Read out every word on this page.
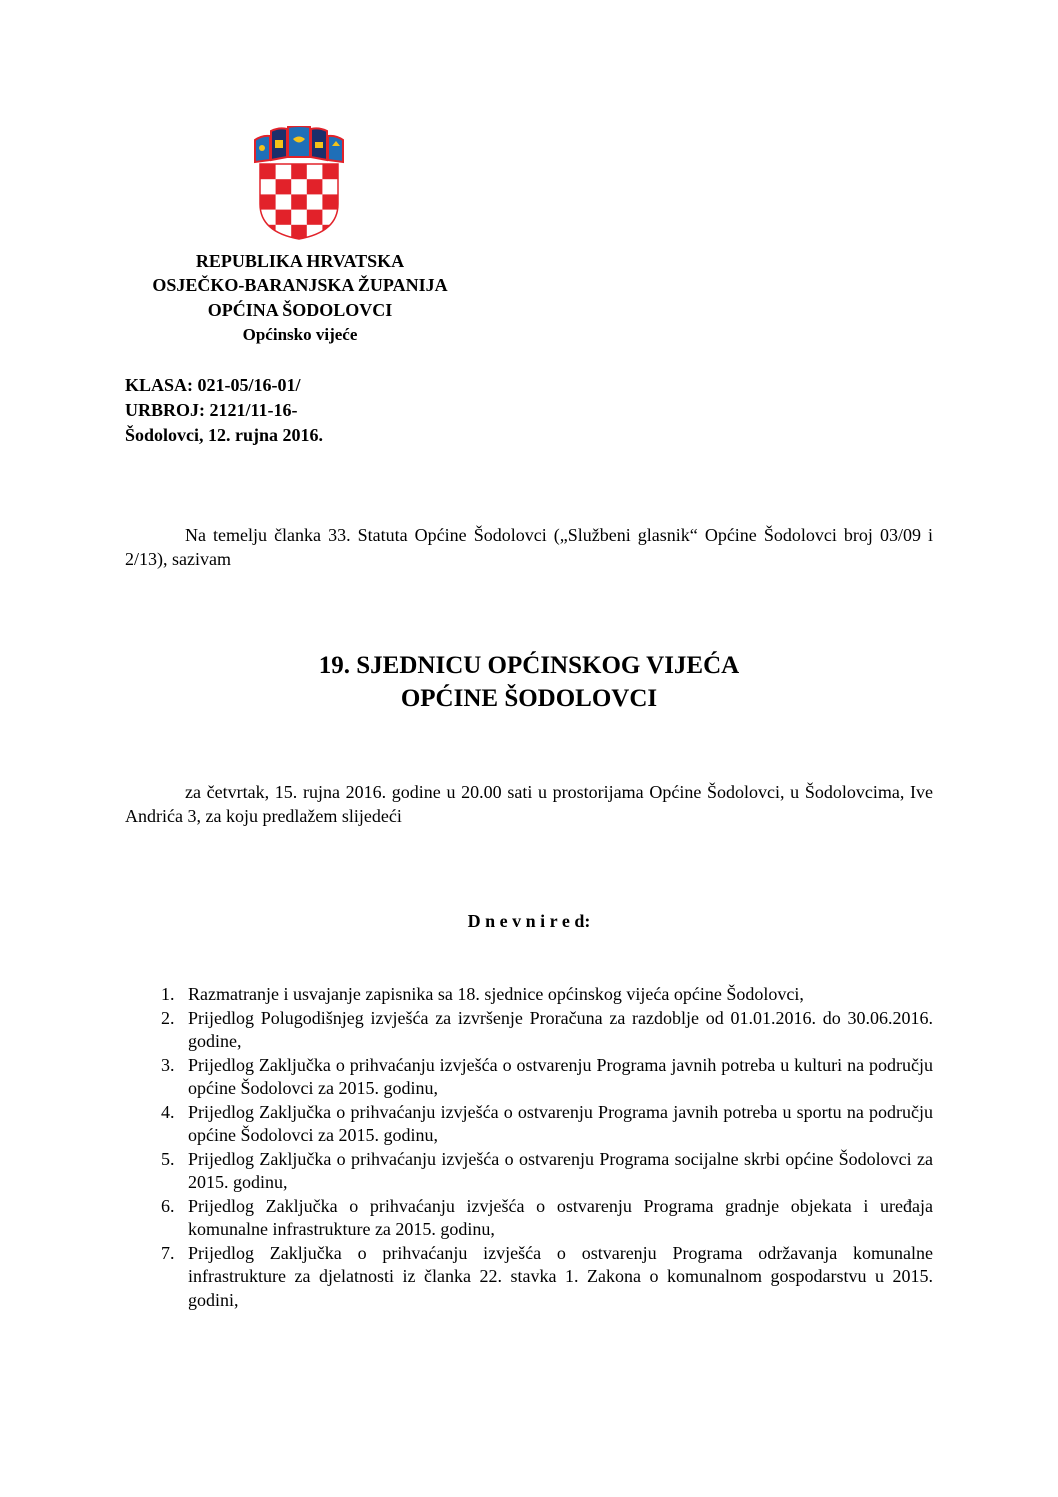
REPUBLIKA HRVATSKA
OSJEČKO-BARANJSKA ŽUPANIJA
OPĆINA ŠODOLOVCI
Općinsko vijeće
KLASA: 021-05/16-01/
URBROJ: 2121/11-16-
Šodolovci, 12. rujna 2016.
Na temelju članka 33. Statuta Općine Šodolovci („Službeni glasnik“ Općine Šodolovci broj 03/09 i 2/13), sazivam
19. SJEDNICU OPĆINSKOG VIJEĆA
OPĆINE ŠODOLOVCI
za četvrtak, 15. rujna 2016. godine u 20.00 sati u prostorijama Općine Šodolovci, u Šodolovcima, Ive Andrića 3, za koju predlažem slijedeći
D n e v n i r e d:
1. Razmatranje i usvajanje zapisnika sa 18. sjednice općinskog vijeća općine Šodolovci,
2. Prijedlog Polugodišnjeg izvješća za izvršenje Proračuna za razdoblje od 01.01.2016. do 30.06.2016. godine,
3. Prijedlog Zaključka o prihvaćanju izvješća o ostvarenju Programa javnih potreba u kulturi na području općine Šodolovci za 2015. godinu,
4. Prijedlog Zaključka o prihvaćanju izvješća o ostvarenju Programa javnih potreba u sportu na području općine Šodolovci za 2015. godinu,
5. Prijedlog Zaključka o prihvaćanju izvješća o ostvarenju Programa socijalne skrbi općine Šodolovci za 2015. godinu,
6. Prijedlog Zaključka o prihvaćanju izvješća o ostvarenju Programa gradnje objekata i uređaja komunalne infrastrukture za 2015. godinu,
7. Prijedlog Zaključka o prihvaćanju izvješća o ostvarenju Programa održavanja komunalne infrastrukture za djelatnosti iz članka 22. stavka 1. Zakona o komunalnom gospodarstvu u 2015. godini,
